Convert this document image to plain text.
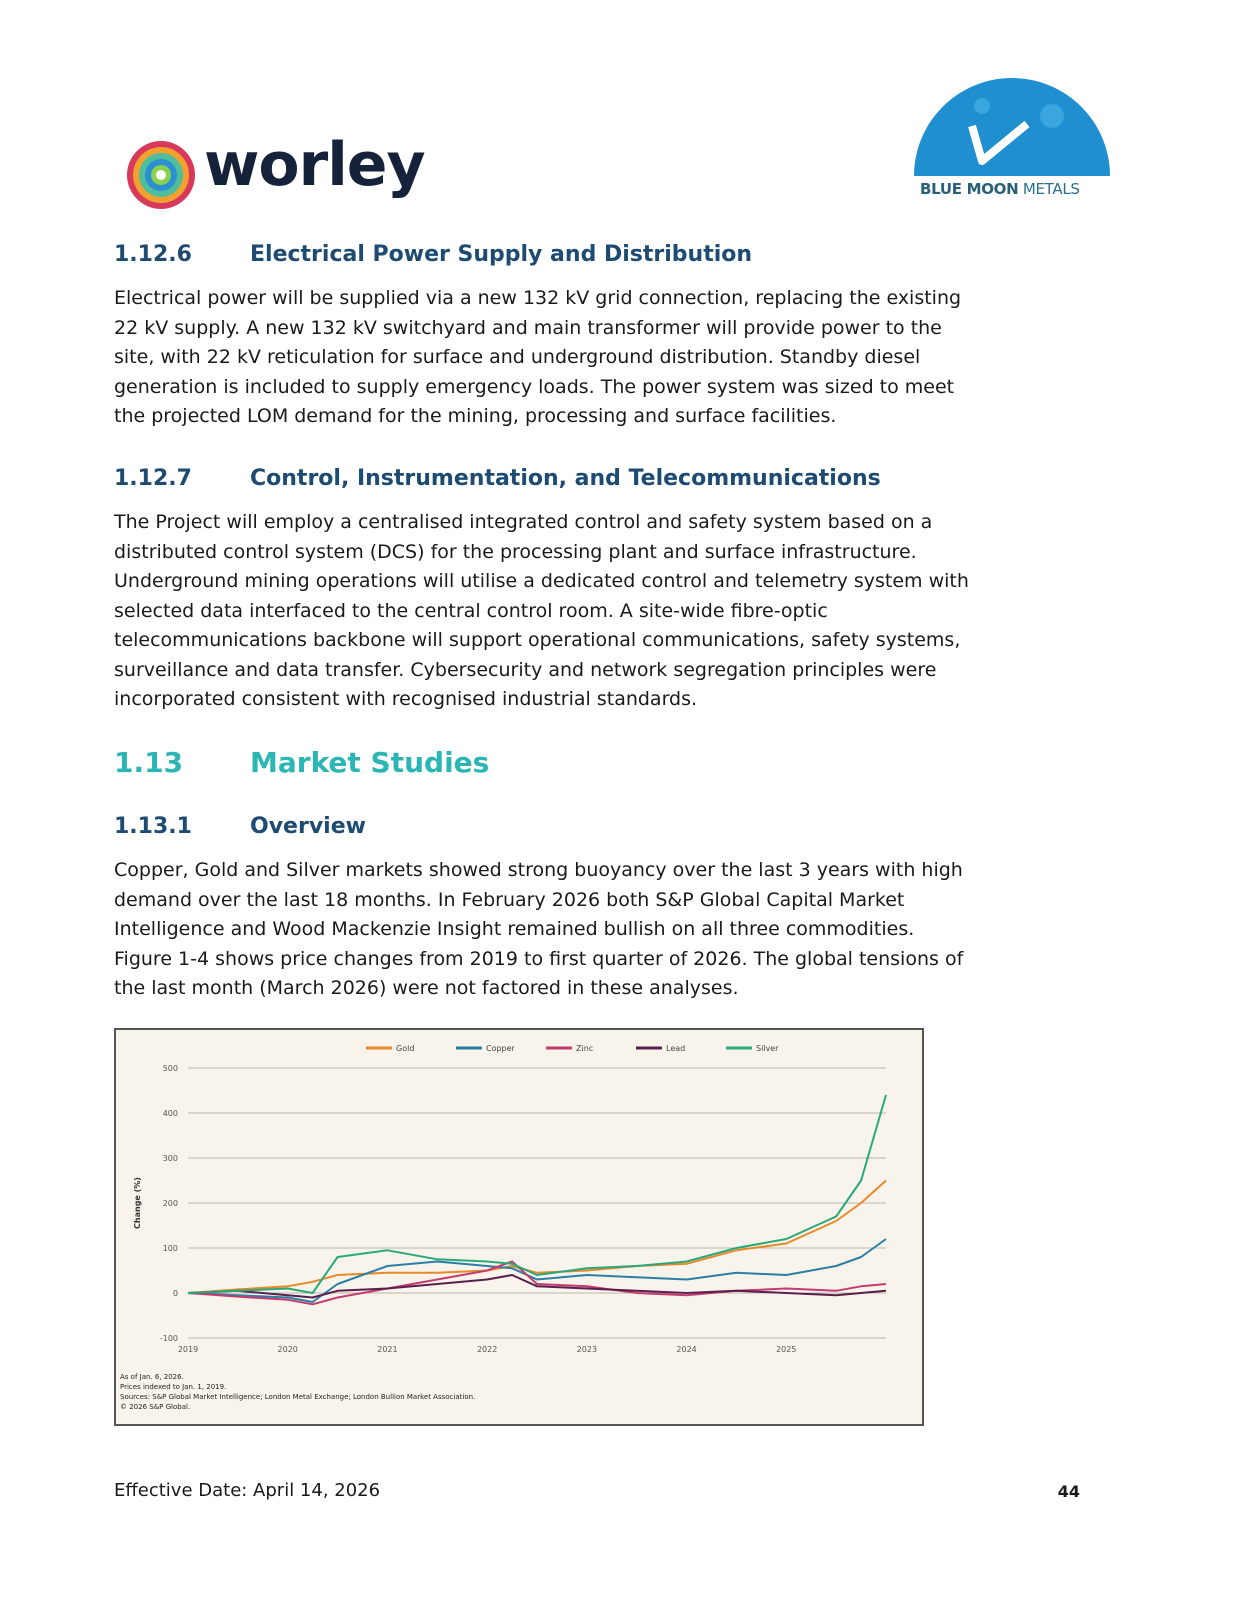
worley	BLUE MOON METALS
1.12.6	Electrical Power Supply and Distribution
Electrical power will be supplied via a new 132 kV grid connection, replacing the existing
22 kV supply. A new 132 kV switchyard and main transformer will provide power to the
site, with 22 kV reticulation for surface and underground distribution. Standby diesel
generation is included to supply emergency loads. The power system was sized to meet
the projected LOM demand for the mining, processing and surface facilities.
1.12.7	Control, Instrumentation, and Telecommunications
The Project will employ a centralised integrated control and safety system based on a
distributed control system (DCS) for the processing plant and surface infrastructure.
Underground mining operations will utilise a dedicated control and telemetry system with
selected data interfaced to the central control room. A site-wide fibre-optic
telecommunications backbone will support operational communications, safety systems,
surveillance and data transfer. Cybersecurity and network segregation principles were
incorporated consistent with recognised industrial standards.
1.13 Market Studies
1.13.1	Overview
Copper, Gold and Silver markets showed strong buoyancy over the last 3 years with high
demand over the last 18 months. In February 2026 both S&P Global Capital Market
Intelligence and Wood Mackenzie Insight remained bullish on all three commodities.
Figure 1-4 shows price changes from 2019 to first quarter of 2026. The global tensions of
the last month (March 2026) were not factored in these analyses.
500
400
300
200
100
0
-100
2019	2020	2021	2022	2023	2024	2025
Change (%)
Gold	Copper	Zinc	Lead	Silver
As of Jan. 6, 2026.
Prices indexed to Jan. 1, 2019.
Sources: S&P Global Market Intelligence; London Metal Exchange; London Bullion Market Association.
© 2026 S&P Global.
Effective Date: April 14, 2026	44
